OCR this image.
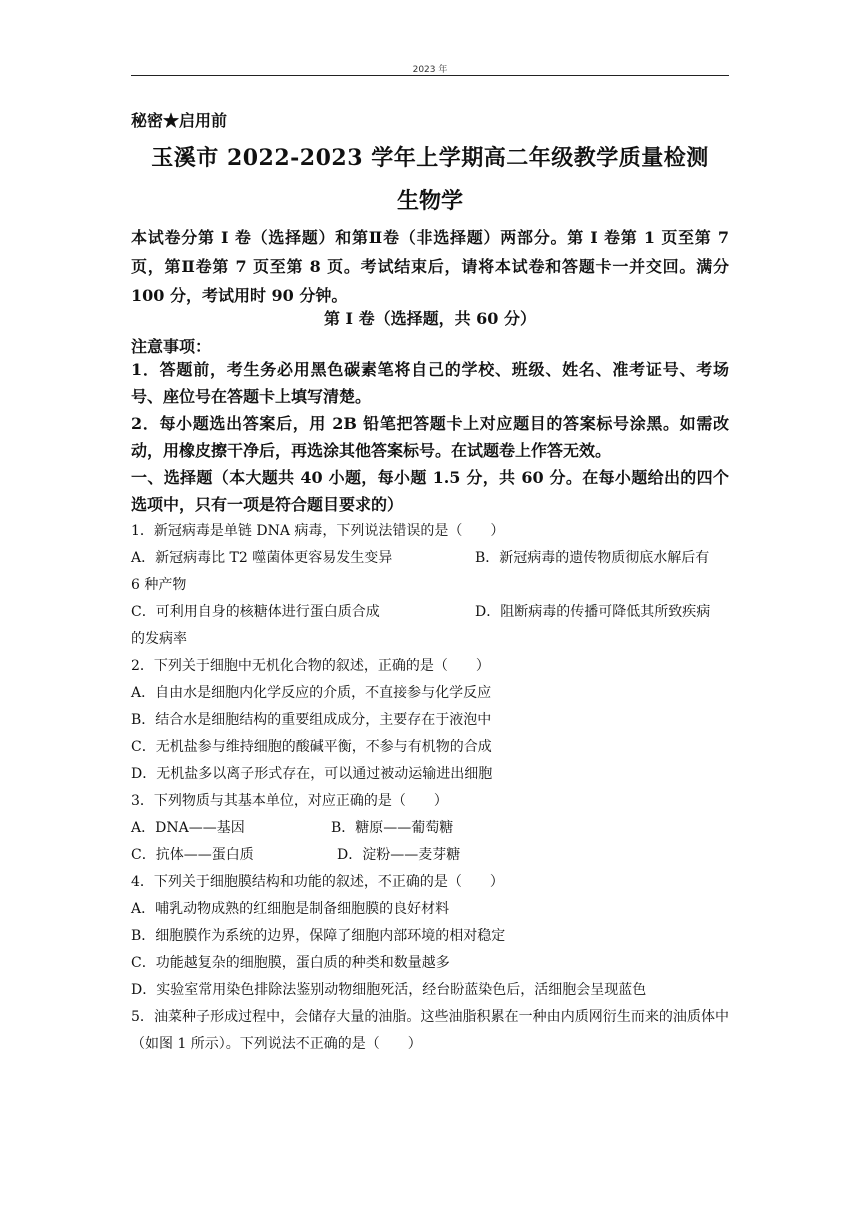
2023 年
秘密★启用前
玉溪市 2022-2023 学年上学期高二年级教学质量检测
生物学
本试卷分第 I 卷（选择题）和第Ⅱ卷（非选择题）两部分。第 I 卷第 1 页至第 7 页，第Ⅱ卷第 7 页至第 8 页。考试结束后，请将本试卷和答题卡一并交回。满分 100 分，考试用时 90 分钟。
第 I 卷（选择题，共 60 分）
注意事项：
1．答题前，考生务必用黑色碳素笔将自己的学校、班级、姓名、准考证号、考场号、座位号在答题卡上填写清楚。
2．每小题选出答案后，用 2B 铅笔把答题卡上对应题目的答案标号涂黑。如需改动，用橡皮擦干净后，再选涂其他答案标号。在试题卷上作答无效。
一、选择题（本大题共 40 小题，每小题 1.5 分，共 60 分。在每小题给出的四个选项中，只有一项是符合题目要求的）
1．新冠病毒是单链 DNA 病毒，下列说法错误的是（　　）
A．新冠病毒比 T2 噬菌体更容易发生变异	B．新冠病毒的遗传物质彻底水解后有
6 种产物
C．可利用自身的核糖体进行蛋白质合成	D．阻断病毒的传播可降低其所致疾病
的发病率
2．下列关于细胞中无机化合物的叙述，正确的是（　　）
A．自由水是细胞内化学反应的介质，不直接参与化学反应
B．结合水是细胞结构的重要组成成分，主要存在于液泡中
C．无机盐参与维持细胞的酸碱平衡，不参与有机物的合成
D．无机盐多以离子形式存在，可以通过被动运输进出细胞
3．下列物质与其基本单位，对应正确的是（　　）
A．DNA——基因	B．糖原——葡萄糖
C．抗体——蛋白质	D．淀粉——麦芽糖
4．下列关于细胞膜结构和功能的叙述，不正确的是（　　）
A．哺乳动物成熟的红细胞是制备细胞膜的良好材料
B．细胞膜作为系统的边界，保障了细胞内部环境的相对稳定
C．功能越复杂的细胞膜，蛋白质的种类和数量越多
D．实验室常用染色排除法鉴别动物细胞死活，经台盼蓝染色后，活细胞会呈现蓝色
5．油菜种子形成过程中，会储存大量的油脂。这些油脂积累在一种由内质网衍生而来的油质体中（如图 1 所示）。下列说法不正确的是（　　）
